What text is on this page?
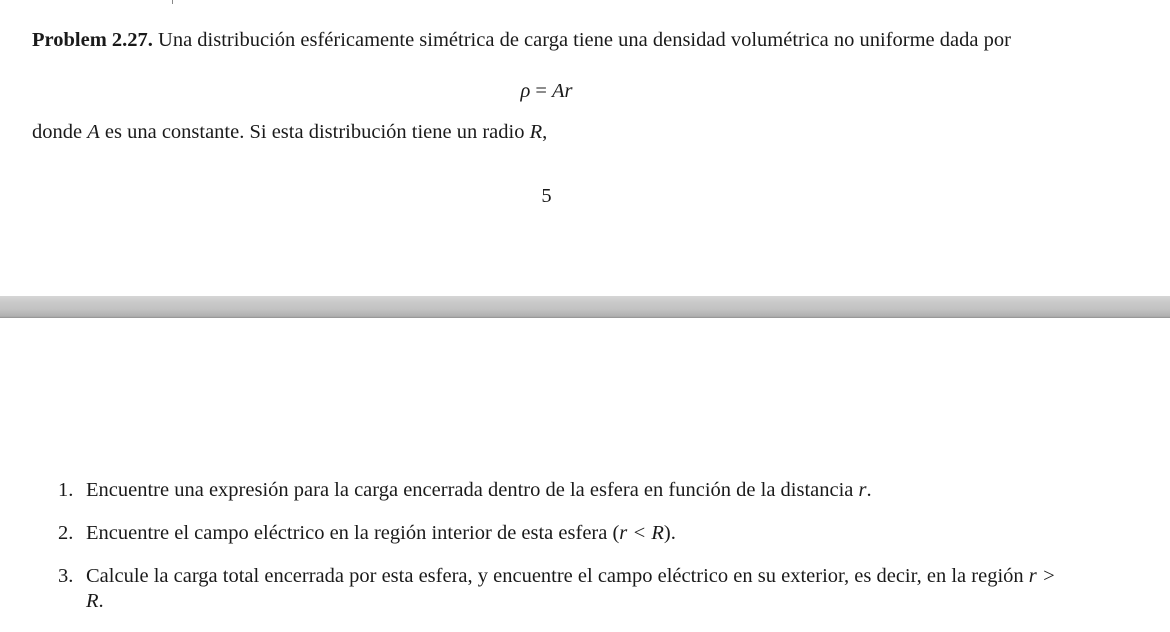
Problem 2.27. Una distribución esféricamente simétrica de carga tiene una densidad volumétrica no uniforme dada por
ρ = Ar
donde A es una constante. Si esta distribución tiene un radio R,
5
1. Encuentre una expresión para la carga encerrada dentro de la esfera en función de la distancia r.
2. Encuentre el campo eléctrico en la región interior de esta esfera (r < R).
3. Calcule la carga total encerrada por esta esfera, y encuentre el campo eléctrico en su exterior, es decir, en la región r > R.
